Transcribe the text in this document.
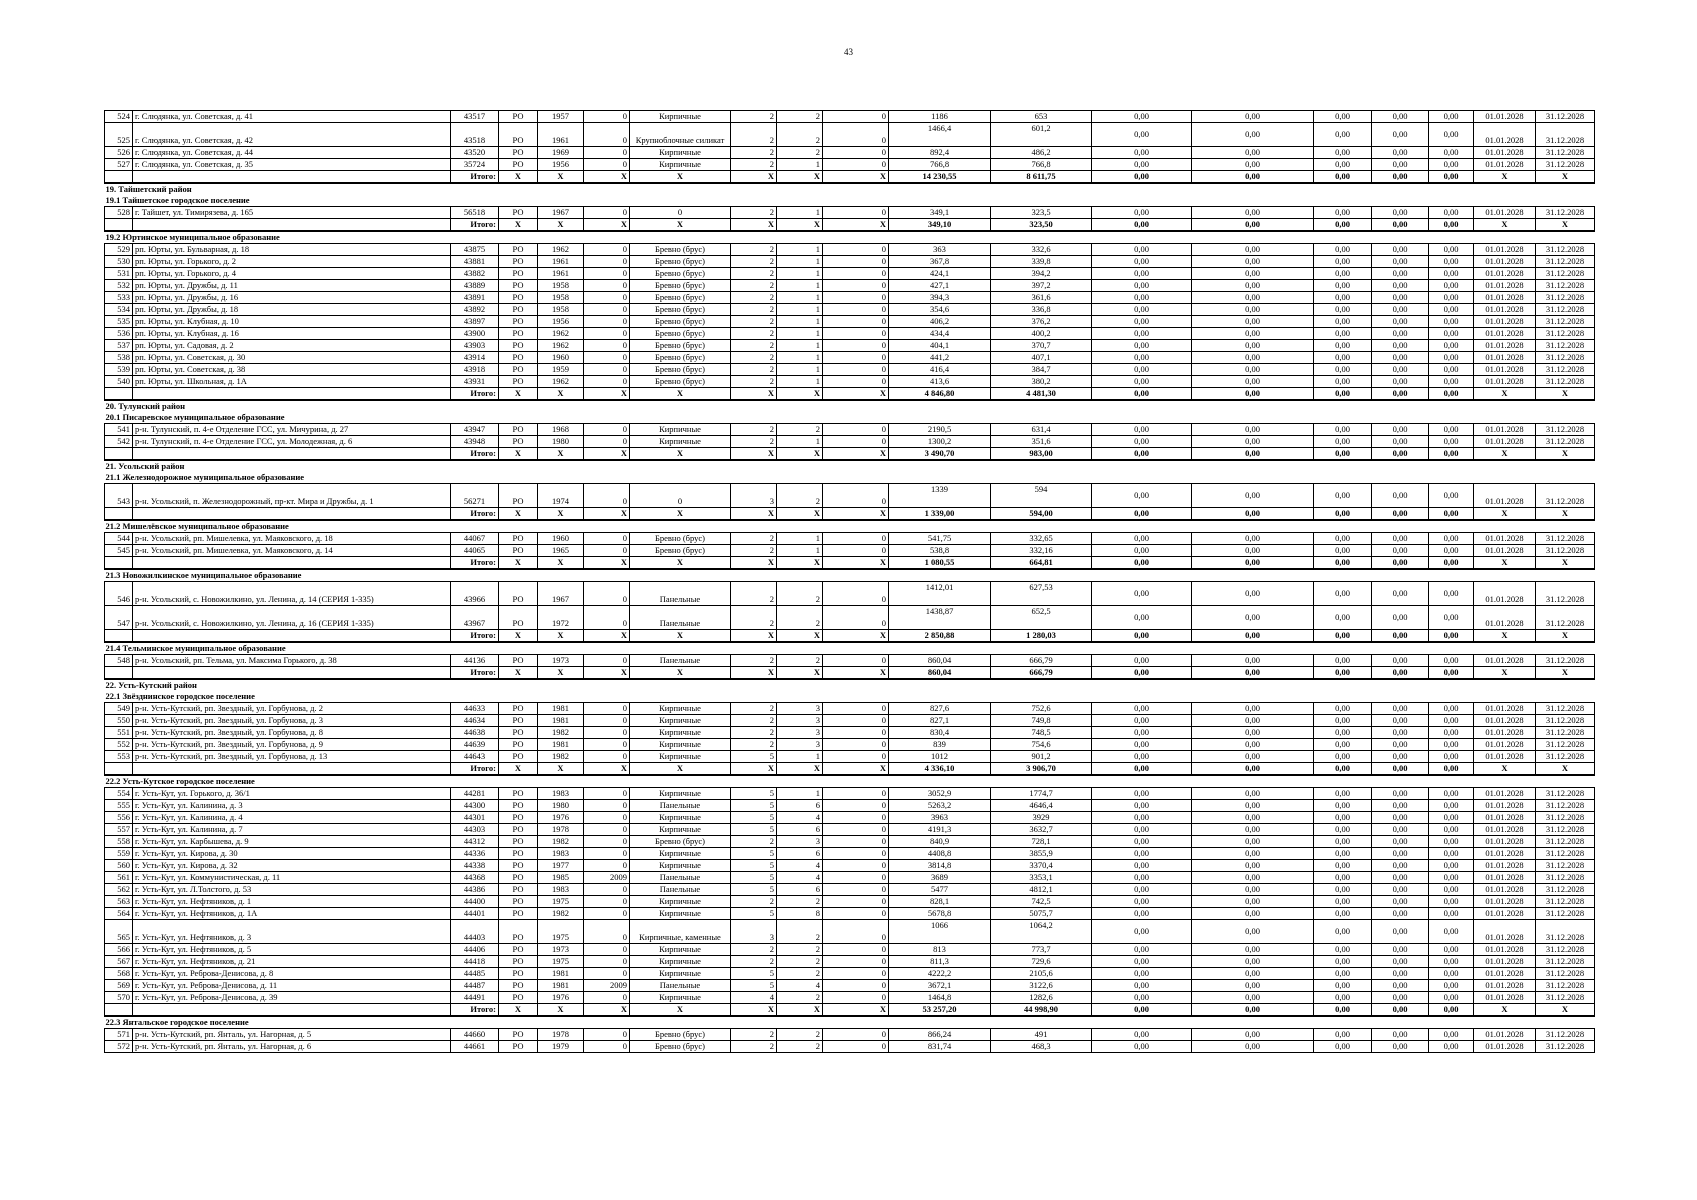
43
524	г. Слюдянка, ул. Советская, д. 41	43517	РО	1957	0	Кирпичные	2	2	0	1186	653	0,00	0,00	0,00	0,00	0,00	01.01.2028	31.12.2028
525	г. Слюдянка, ул. Советская, д. 42	43518	РО	1961	0	Крупноблочные силикат	2	2	0	1466,4	601,2	0,00	0,00	0,00	0,00	0,00	01.01.2028	31.12.2028
526	г. Слюдянка, ул. Советская, д. 44	43520	РО	1969	0	Кирпичные	2	2	0	892,4	486,2	0,00	0,00	0,00	0,00	0,00	01.01.2028	31.12.2028
527	г. Слюдянка, ул. Советская, д. 35	35724	РО	1956	0	Кирпичные	2	1	0	766,8	766,8	0,00	0,00	0,00	0,00	0,00	01.01.2028	31.12.2028
		Итого:	Х	Х	Х	Х	Х	Х	Х	14 230,55	8 611,75	0,00	0,00	0,00	0,00	0,00	Х	Х
19. Тайшетский район																		
19.1 Тайшетское городское поселение																		
528	г. Тайшет, ул. Тимирязева, д. 165	56518	РО	1967	0	0	2	1	0	349,1	323,5	0,00	0,00	0,00	0,00	0,00	01.01.2028	31.12.2028
		Итого:	Х	Х	Х	Х	Х	Х	Х	349,10	323,50	0,00	0,00	0,00	0,00	0,00	Х	Х
19.2 Юртинское муниципальное образование																		
529	рп. Юрты, ул. Бульварная, д. 18	43875	РО	1962	0	Бревно (брус)	2	1	0	363	332,6	0,00	0,00	0,00	0,00	0,00	01.01.2028	31.12.2028
530	рп. Юрты, ул. Горького, д. 2	43881	РО	1961	0	Бревно (брус)	2	1	0	367,8	339,8	0,00	0,00	0,00	0,00	0,00	01.01.2028	31.12.2028
531	рп. Юрты, ул. Горького, д. 4	43882	РО	1961	0	Бревно (брус)	2	1	0	424,1	394,2	0,00	0,00	0,00	0,00	0,00	01.01.2028	31.12.2028
532	рп. Юрты, ул. Дружбы, д. 11	43889	РО	1958	0	Бревно (брус)	2	1	0	427,1	397,2	0,00	0,00	0,00	0,00	0,00	01.01.2028	31.12.2028
533	рп. Юрты, ул. Дружбы, д. 16	43891	РО	1958	0	Бревно (брус)	2	1	0	394,3	361,6	0,00	0,00	0,00	0,00	0,00	01.01.2028	31.12.2028
534	рп. Юрты, ул. Дружбы, д. 18	43892	РО	1958	0	Бревно (брус)	2	1	0	354,6	336,8	0,00	0,00	0,00	0,00	0,00	01.01.2028	31.12.2028
535	рп. Юрты, ул. Клубная, д. 10	43897	РО	1956	0	Бревно (брус)	2	1	0	406,2	376,2	0,00	0,00	0,00	0,00	0,00	01.01.2028	31.12.2028
536	рп. Юрты, ул. Клубная, д. 16	43900	РО	1962	0	Бревно (брус)	2	1	0	434,4	400,2	0,00	0,00	0,00	0,00	0,00	01.01.2028	31.12.2028
537	рп. Юрты, ул. Садовая, д. 2	43903	РО	1962	0	Бревно (брус)	2	1	0	404,1	370,7	0,00	0,00	0,00	0,00	0,00	01.01.2028	31.12.2028
538	рп. Юрты, ул. Советская, д. 30	43914	РО	1960	0	Бревно (брус)	2	1	0	441,2	407,1	0,00	0,00	0,00	0,00	0,00	01.01.2028	31.12.2028
539	рп. Юрты, ул. Советская, д. 38	43918	РО	1959	0	Бревно (брус)	2	1	0	416,4	384,7	0,00	0,00	0,00	0,00	0,00	01.01.2028	31.12.2028
540	рп. Юрты, ул. Школьная, д. 1А	43931	РО	1962	0	Бревно (брус)	2	1	0	413,6	380,2	0,00	0,00	0,00	0,00	0,00	01.01.2028	31.12.2028
		Итого:	Х	Х	Х	Х	Х	Х	Х	4 846,80	4 481,30	0,00	0,00	0,00	0,00	0,00	Х	Х
20. Тулунский район																		
20.1 Писаревское муниципальное образование																		
541	р-н. Тулунский, п. 4-е Отделение ГСС, ул. Мичурина, д. 27	43947	РО	1968	0	Кирпичные	2	2	0	2190,5	631,4	0,00	0,00	0,00	0,00	0,00	01.01.2028	31.12.2028
542	р-н. Тулунский, п. 4-е Отделение ГСС, ул. Молодежная, д. 6	43948	РО	1980	0	Кирпичные	2	1	0	1300,2	351,6	0,00	0,00	0,00	0,00	0,00	01.01.2028	31.12.2028
		Итого:	Х	Х	Х	Х	Х	Х	Х	3 490,70	983,00	0,00	0,00	0,00	0,00	0,00	Х	Х
21. Усольский район																		
21.1 Железнодорожное муниципальное образование																		
543	р-н. Усольский, п. Железнодорожный, пр-кт. Мира и Дружбы, д. 1	56271	РО	1974	0	0	3	2	0	1339	594	0,00	0,00	0,00	0,00	0,00	01.01.2028	31.12.2028
		Итого:	Х	Х	Х	Х	Х	Х	Х	1 339,00	594,00	0,00	0,00	0,00	0,00	0,00	Х	Х
21.2 Мишелёвское муниципальное образование																		
544	р-н. Усольский, рп. Мишелевка, ул. Маяковского, д. 18	44067	РО	1960	0	Бревно (брус)	2	1	0	541,75	332,65	0,00	0,00	0,00	0,00	0,00	01.01.2028	31.12.2028
545	р-н. Усольский, рп. Мишелевка, ул. Маяковского, д. 14	44065	РО	1965	0	Бревно (брус)	2	1	0	538,8	332,16	0,00	0,00	0,00	0,00	0,00	01.01.2028	31.12.2028
		Итого:	Х	Х	Х	Х	Х	Х	Х	1 080,55	664,81	0,00	0,00	0,00	0,00	0,00	Х	Х
21.3 Новожилкинское муниципальное образование																		
546	р-н. Усольский, с. Новожилкино, ул. Ленина, д. 14 (СЕРИЯ 1-335)	43966	РО	1967	0	Панельные	2	2	0	1412,01	627,53	0,00	0,00	0,00	0,00	0,00	01.01.2028	31.12.2028
547	р-н. Усольский, с. Новожилкино, ул. Ленина, д. 16 (СЕРИЯ 1-335)	43967	РО	1972	0	Панельные	2	2	0	1438,87	652,5	0,00	0,00	0,00	0,00	0,00	01.01.2028	31.12.2028
		Итого:	Х	Х	Х	Х	Х	Х	Х	2 850,88	1 280,03	0,00	0,00	0,00	0,00	0,00	Х	Х
21.4 Тельминское муниципальное образование																		
548	р-н. Усольский, рп. Тельма, ул. Максима Горького, д. 38	44136	РО	1973	0	Панельные	2	2	0	860,04	666,79	0,00	0,00	0,00	0,00	0,00	01.01.2028	31.12.2028
		Итого:	Х	Х	Х	Х	Х	Х	Х	860,04	666,79	0,00	0,00	0,00	0,00	0,00	Х	Х
22. Усть-Кутский район																		
22.1 Звёзднинское городское поселение																		
549	р-н. Усть-Кутский, рп. Звездный, ул. Горбунова, д. 2	44633	РО	1981	0	Кирпичные	2	3	0	827,6	752,6	0,00	0,00	0,00	0,00	0,00	01.01.2028	31.12.2028
550	р-н. Усть-Кутский, рп. Звездный, ул. Горбунова, д. 3	44634	РО	1981	0	Кирпичные	2	3	0	827,1	749,8	0,00	0,00	0,00	0,00	0,00	01.01.2028	31.12.2028
551	р-н. Усть-Кутский, рп. Звездный, ул. Горбунова, д. 8	44638	РО	1982	0	Кирпичные	2	3	0	830,4	748,5	0,00	0,00	0,00	0,00	0,00	01.01.2028	31.12.2028
552	р-н. Усть-Кутский, рп. Звездный, ул. Горбунова, д. 9	44639	РО	1981	0	Кирпичные	2	3	0	839	754,6	0,00	0,00	0,00	0,00	0,00	01.01.2028	31.12.2028
553	р-н. Усть-Кутский, рп. Звездный, ул. Горбунова, д. 13	44643	РО	1982	0	Кирпичные	5	1	0	1012	901,2	0,00	0,00	0,00	0,00	0,00	01.01.2028	31.12.2028
		Итого:	Х	Х	Х	Х	Х	Х	Х	4 336,10	3 906,70	0,00	0,00	0,00	0,00	0,00	Х	Х
22.2 Усть-Кутское городское поселение																		
554	г. Усть-Кут, ул. Горького, д. 36/1	44281	РО	1983	0	Кирпичные	5	1	0	3052,9	1774,7	0,00	0,00	0,00	0,00	0,00	01.01.2028	31.12.2028
555	г. Усть-Кут, ул. Калинина, д. 3	44300	РО	1980	0	Панельные	5	6	0	5263,2	4646,4	0,00	0,00	0,00	0,00	0,00	01.01.2028	31.12.2028
556	г. Усть-Кут, ул. Калинина, д. 4	44301	РО	1976	0	Кирпичные	5	4	0	3963	3929	0,00	0,00	0,00	0,00	0,00	01.01.2028	31.12.2028
557	г. Усть-Кут, ул. Калинина, д. 7	44303	РО	1978	0	Кирпичные	5	6	0	4191,3	3632,7	0,00	0,00	0,00	0,00	0,00	01.01.2028	31.12.2028
558	г. Усть-Кут, ул. Карбышева, д. 9	44312	РО	1982	0	Бревно (брус)	2	3	0	840,9	728,1	0,00	0,00	0,00	0,00	0,00	01.01.2028	31.12.2028
559	г. Усть-Кут, ул. Кирова, д. 30	44336	РО	1983	0	Кирпичные	5	6	0	4408,8	3855,9	0,00	0,00	0,00	0,00	0,00	01.01.2028	31.12.2028
560	г. Усть-Кут, ул. Кирова, д. 32	44338	РО	1977	0	Кирпичные	5	4	0	3814,8	3370,4	0,00	0,00	0,00	0,00	0,00	01.01.2028	31.12.2028
561	г. Усть-Кут, ул. Коммунистическая, д. 11	44368	РО	1985	2009	Панельные	5	4	0	3689	3353,1	0,00	0,00	0,00	0,00	0,00	01.01.2028	31.12.2028
562	г. Усть-Кут, ул. Л.Толстого, д. 53	44386	РО	1983	0	Панельные	5	6	0	5477	4812,1	0,00	0,00	0,00	0,00	0,00	01.01.2028	31.12.2028
563	г. Усть-Кут, ул. Нефтяников, д. 1	44400	РО	1975	0	Кирпичные	2	2	0	828,1	742,5	0,00	0,00	0,00	0,00	0,00	01.01.2028	31.12.2028
564	г. Усть-Кут, ул. Нефтяников, д. 1А	44401	РО	1982	0	Кирпичные	5	8	0	5678,8	5075,7	0,00	0,00	0,00	0,00	0,00	01.01.2028	31.12.2028
565	г. Усть-Кут, ул. Нефтяников, д. 3	44403	РО	1975	0	Кирпичные, каменные	3	2	0	1066	1064,2	0,00	0,00	0,00	0,00	0,00	01.01.2028	31.12.2028
566	г. Усть-Кут, ул. Нефтяников, д. 5	44406	РО	1973	0	Кирпичные	2	2	0	813	773,7	0,00	0,00	0,00	0,00	0,00	01.01.2028	31.12.2028
567	г. Усть-Кут, ул. Нефтяников, д. 21	44418	РО	1975	0	Кирпичные	2	2	0	811,3	729,6	0,00	0,00	0,00	0,00	0,00	01.01.2028	31.12.2028
568	г. Усть-Кут, ул. Реброва-Денисова, д. 8	44485	РО	1981	0	Кирпичные	5	2	0	4222,2	2105,6	0,00	0,00	0,00	0,00	0,00	01.01.2028	31.12.2028
569	г. Усть-Кут, ул. Реброва-Денисова, д. 11	44487	РО	1981	2009	Панельные	5	4	0	3672,1	3122,6	0,00	0,00	0,00	0,00	0,00	01.01.2028	31.12.2028
570	г. Усть-Кут, ул. Реброва-Денисова, д. 39	44491	РО	1976	0	Кирпичные	4	2	0	1464,8	1282,6	0,00	0,00	0,00	0,00	0,00	01.01.2028	31.12.2028
		Итого:	Х	Х	Х	Х	Х	Х	Х	53 257,20	44 998,90	0,00	0,00	0,00	0,00	0,00	Х	Х
22.3 Янтальское городское поселение																		
571	р-н. Усть-Кутский, рп. Янталь, ул. Нагорная, д. 5	44660	РО	1978	0	Бревно (брус)	2	2	0	866,24	491	0,00	0,00	0,00	0,00	0,00	01.01.2028	31.12.2028
572	р-н. Усть-Кутский, рп. Янталь, ул. Нагорная, д. 6	44661	РО	1979	0	Бревно (брус)	2	2	0	831,74	468,3	0,00	0,00	0,00	0,00	0,00	01.01.2028	31.12.2028
